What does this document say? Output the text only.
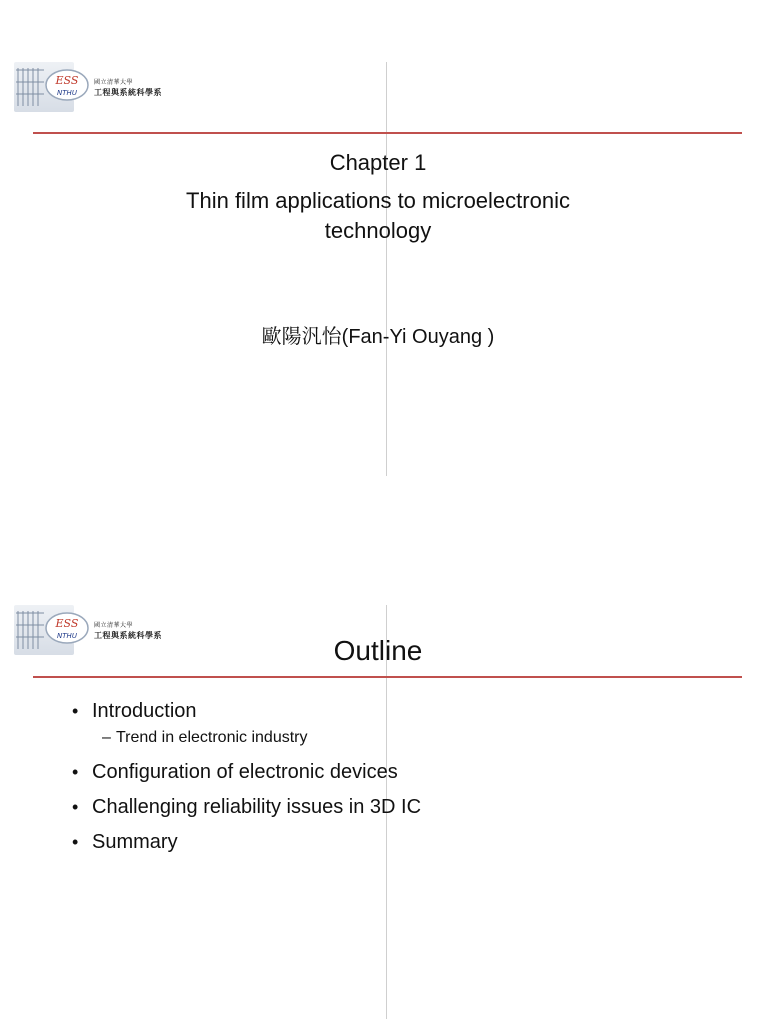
ESS
NTHU
國立清華大學
工程與系統科學系
Chapter 1
Thin film applications to microelectronic
technology
歐陽汎怡(Fan-Yi Ouyang )
ESS
NTHU
國立清華大學
工程與系統科學系	Outline
• Introduction
– Trend in electronic industry
• Configuration of electronic devices
• Challenging reliability issues in 3D IC
• Summary
